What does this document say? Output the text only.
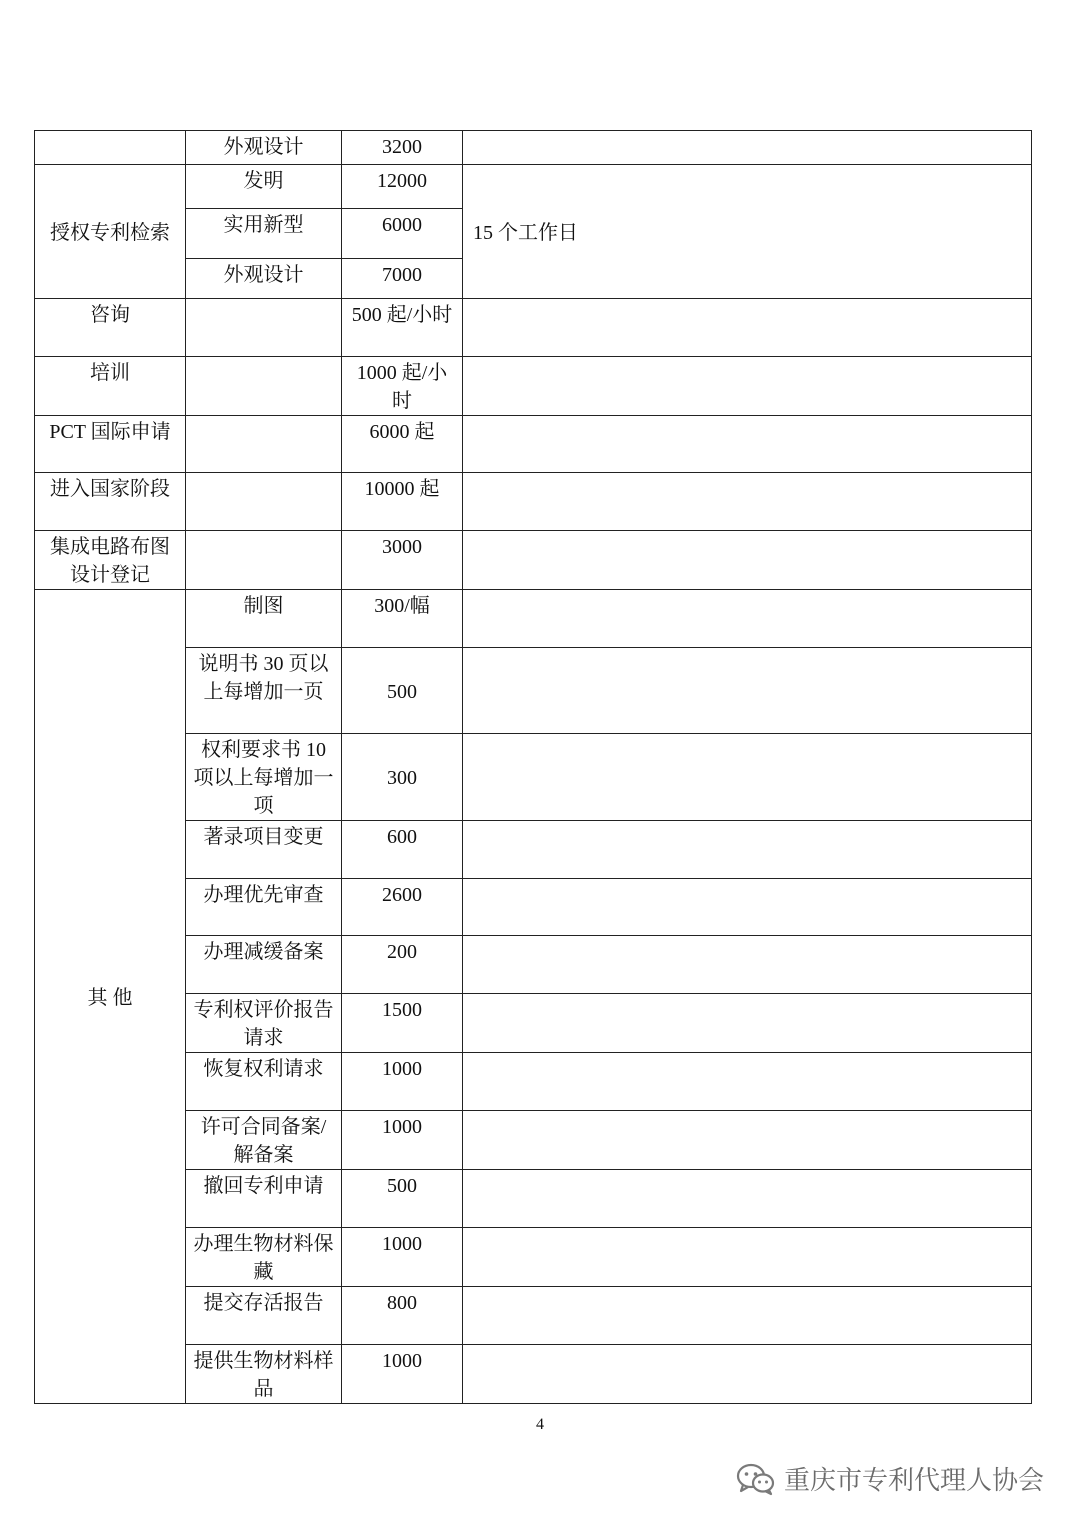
	外观设计	3200	
授权专利检索	发明	12000	15 个工作日
	实用新型	6000	
	外观设计	7000	
咨询		500 起/小时	
培训		1000 起/小时	
PCT 国际申请		6000 起	
进入国家阶段		10000 起	
集成电路布图设计登记		3000	
其 他	制图	300/幅	
	说明书 30 页以上每增加一页	500	
	权利要求书 10 项以上每增加一项	300	
	著录项目变更	600	
	办理优先审查	2600	
	办理减缓备案	200	
	专利权评价报告请求	1500	
	恢复权利请求	1000	
	许可合同备案/解备案	1000	
	撤回专利申请	500	
	办理生物材料保藏	1000	
	提交存活报告	800	
	提供生物材料样品	1000	
4
重庆市专利代理人协会
